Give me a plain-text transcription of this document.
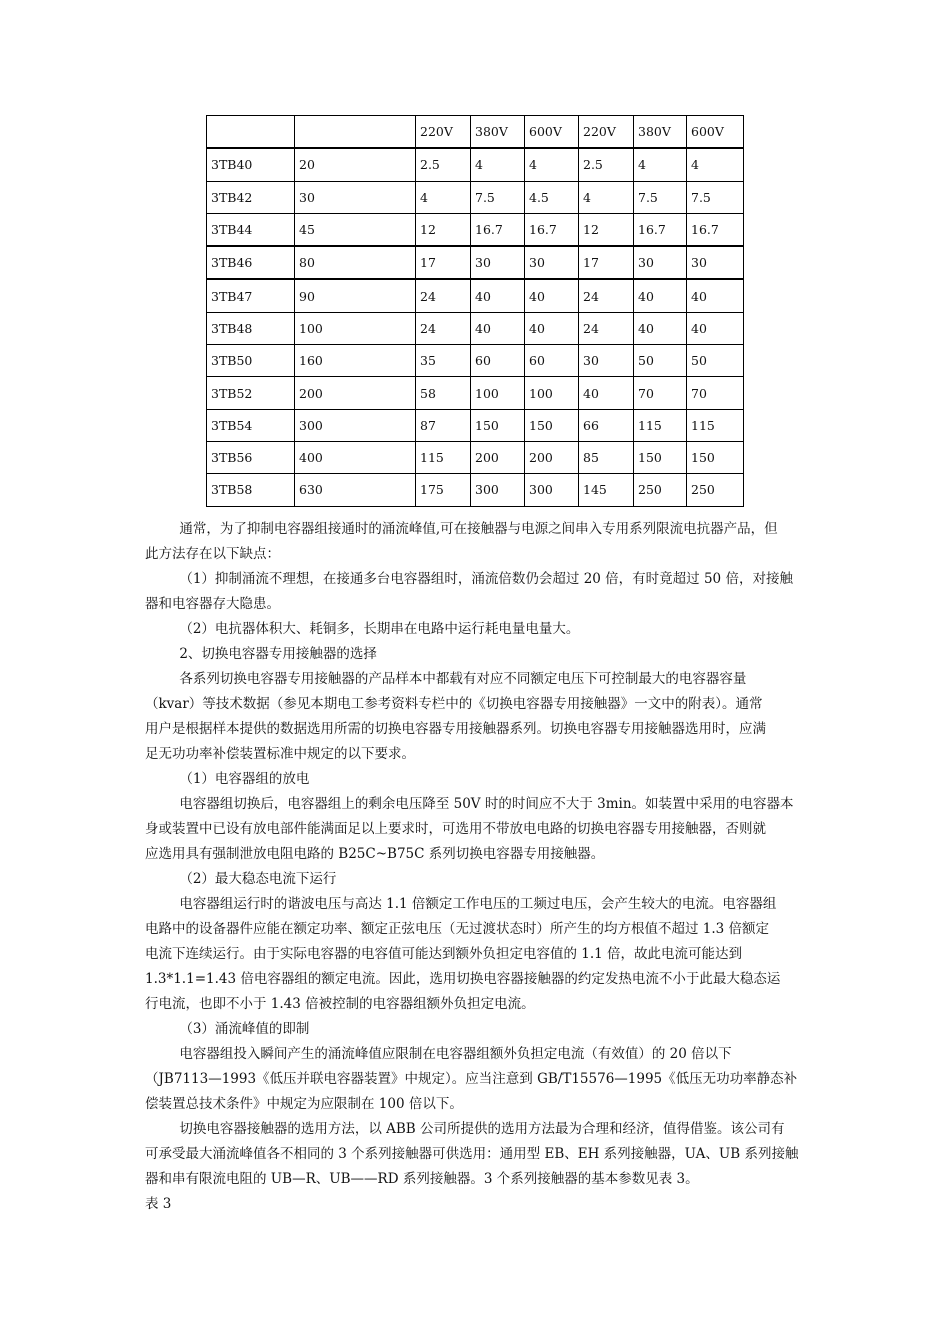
		220V	380V	600V	220V	380V	600V
3TB40	20	2.5	4	4	2.5	4	4
3TB42	30	4	7.5	4.5	4	7.5	7.5
3TB44	45	12	16.7	16.7	12	16.7	16.7
3TB46	80	17	30	30	17	30	30
3TB47	90	24	40	40	24	40	40
3TB48	100	24	40	40	24	40	40
3TB50	160	35	60	60	30	50	50
3TB52	200	58	100	100	40	70	70
3TB54	300	87	150	150	66	115	115
3TB56	400	115	200	200	85	150	150
3TB58	630	175	300	300	145	250	250

通常，为了抑制电容器组接通时的涌流峰值,可在接触器与电源之间串入专用系列限流电抗器产品，但
此方法存在以下缺点：

（1）抑制涌流不理想，在接通多台电容器组时，涌流倍数仍会超过 20 倍，有时竟超过 50 倍，对接触
器和电容器存大隐患。

（2）电抗器体积大、耗铜多，长期串在电路中运行耗电量电量大。

2、切换电容器专用接触器的选择

各系列切换电容器专用接触器的产品样本中都载有对应不同额定电压下可控制最大的电容器容量
（kvar）等技术数据（参见本期电工参考资料专栏中的《切换电容器专用接触器》一文中的附表）。通常
用户是根据样本提供的数据选用所需的切换电容器专用接触器系列。切换电容器专用接触器选用时，应满
足无功功率补偿装置标准中规定的以下要求。

（1）电容器组的放电

电容器组切换后，电容器组上的剩余电压降至 50V 时的时间应不大于 3min。如装置中采用的电容器本
身或装置中已设有放电部件能满面足以上要求时，可选用不带放电电路的切换电容器专用接触器，否则就
应选用具有强制泄放电阻电路的 B25C~B75C 系列切换电容器专用接触器。

（2）最大稳态电流下运行

电容器组运行时的谐波电压与高达 1.1 倍额定工作电压的工频过电压，会产生较大的电流。电容器组
电路中的设备器件应能在额定功率、额定正弦电压（无过渡状态时）所产生的均方根值不超过 1.3 倍额定
电流下连续运行。由于实际电容器的电容值可能达到额外负担定电容值的 1.1 倍，故此电流可能达到
1.3*1.1=1.43 倍电容器组的额定电流。因此，选用切换电容器接触器的约定发热电流不小于此最大稳态运
行电流，也即不小于 1.43 倍被控制的电容器组额外负担定电流。

（3）涌流峰值的即制

电容器组投入瞬间产生的涌流峰值应限制在电容器组额外负担定电流（有效值）的 20 倍以下
（JB7113—1993《低压并联电容器装置》中规定）。应当注意到 GB/T15576—1995《低压无功功率静态补
偿装置总技术条件》中规定为应限制在 100 倍以下。

切换电容器接触器的选用方法，以 ABB 公司所提供的选用方法最为合理和经济，值得借鉴。该公司有
可承受最大涌流峰值各不相同的 3 个系列接触器可供选用：通用型 EB、EH 系列接触器，UA、UB 系列接触
器和串有限流电阻的 UB—R、UB——RD 系列接触器。3 个系列接触器的基本参数见表 3。

表 3
